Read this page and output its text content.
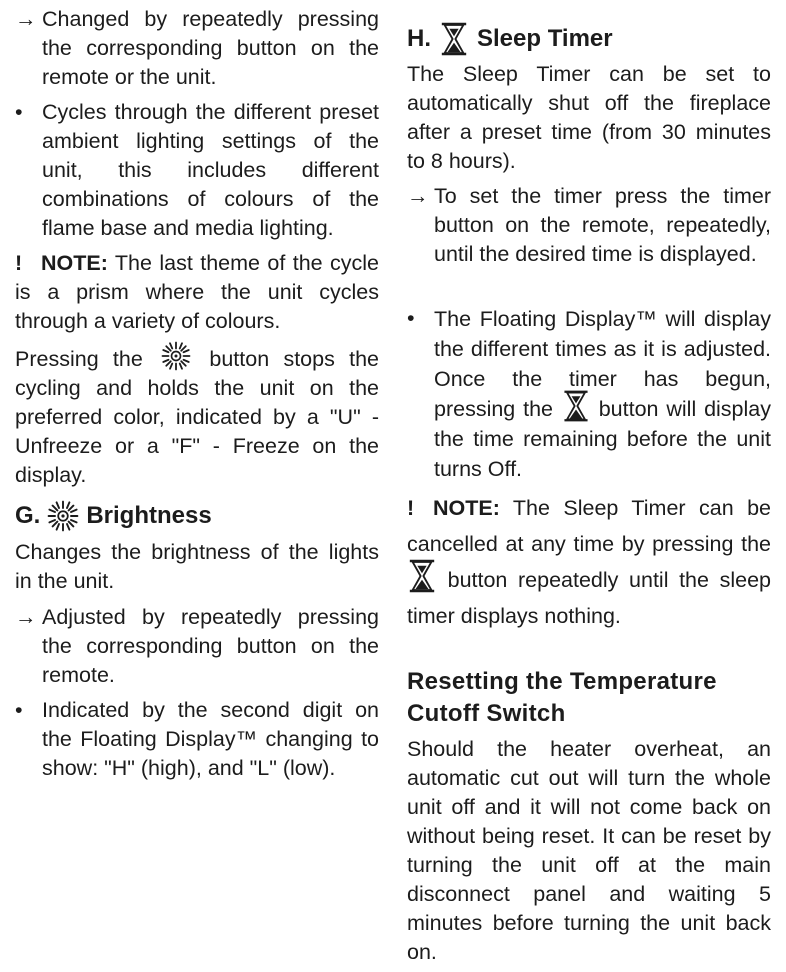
→ Changed by repeatedly pressing the corresponding button on the remote or the unit.

• Cycles through the different preset ambient lighting settings of the unit, this includes different combinations of colours of the flame base and media lighting.

! NOTE: The last theme of the cycle is a prism where the unit cycles through a variety of colours.

Pressing the  button stops the cycling and holds the unit on the preferred color, indicated by a "U" - Unfreeze or a "F" - Freeze on the display.

G. Brightness

Changes the brightness of the lights in the unit.

→ Adjusted by repeatedly pressing the corresponding button on the remote.

• Indicated by the second digit on the Floating Display™ changing to show: "H" (high), and "L" (low).

H. Sleep Timer

The Sleep Timer can be set to automatically shut off the fireplace after a preset time (from 30 minutes to 8 hours).

→ To set the timer press the timer button on the remote, repeatedly, until the desired time is displayed.

• The Floating Display™ will display the different times as it is adjusted. Once the timer has begun, pressing the  button will display the time remaining before the unit turns Off.

! NOTE: The Sleep Timer can be cancelled at any time by pressing the  button repeatedly until the sleep timer displays nothing.

Resetting the Temperature Cutoff Switch

Should the heater overheat, an automatic cut out will turn the whole unit off and it will not come back on without being reset. It can be reset by turning the unit off at the main disconnect panel and waiting 5 minutes before turning the unit back on.
